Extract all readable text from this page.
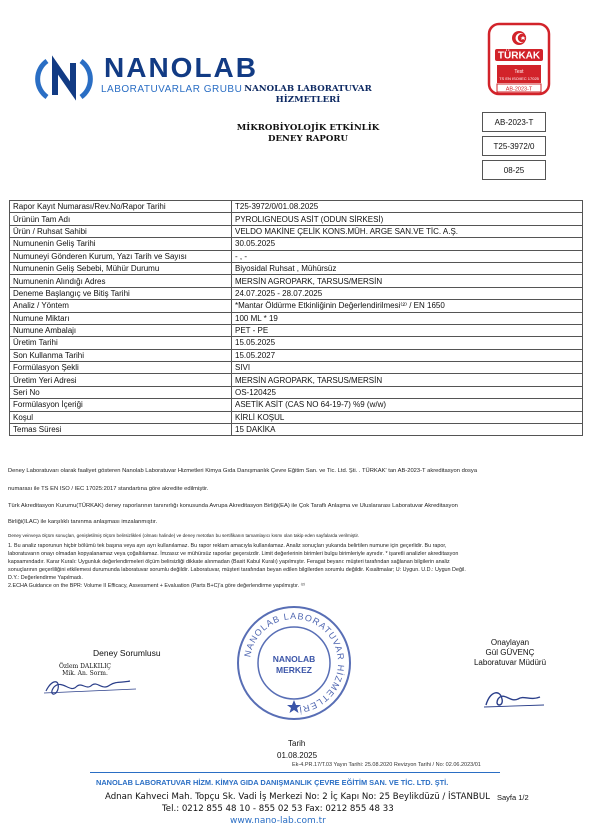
NANOLAB
LABORATUVARLAR GRUBU NANOLAB LABORATUVAR
HİZMETLERİ
MİKROBİYOLOJİK ETKİNLİK
DENEY RAPORU
TÜRKAK
Test
TS EN ISO/IEC 17025
AB-2023-T
AB-2023-T
T25-3972/0
08-25
Rapor Kayıt Numarası/Rev.No/Rapor Tarihi	T25-3972/0/01.08.2025
Ürünün Tam Adı	PYROLIGNEOUS ASİT (ODUN SİRKESİ)
Ürün / Ruhsat Sahibi	VELDO MAKİNE ÇELİK KONS.MÜH. ARGE SAN.VE TİC. A.Ş.
Numunenin Geliş Tarihi	30.05.2025
Numuneyi Gönderen Kurum, Yazı Tarih ve Sayısı	- , -
Numunenin Geliş Sebebi, Mühür Durumu	Biyosidal Ruhsat , Mühürsüz
Numunenin Alındığı Adres	MERSİN AGROPARK, TARSUS/MERSİN
Deneme Başlangıç ve Bitiş Tarihi	24.07.2025 - 28.07.2025
Analiz / Yöntem	*Mantar Öldürme Etkinliğinin Değerlendirilmesi⁽²⁾ / EN 1650
Numune Miktarı	100 ML * 19
Numune Ambalajı	PET - PE
Üretim Tarihi	15.05.2025
Son Kullanma Tarihi	15.05.2027
Formülasyon Şekli	SIVI
Üretim Yeri Adresi	MERSİN AGROPARK, TARSUS/MERSİN
Seri No	OS-120425
Formülasyon İçeriği	ASETİK ASİT (CAS NO 64-19-7) %9 (w/w)
Koşul	KİRLİ KOŞUL
Temas Süresi	15 DAKİKA
Deney Laboratuvarı olarak faaliyet gösteren Nanolab Laboratuvar Hizmetleri Kimya Gıda Danışmanlık Çevre Eğitim San. ve Tic. Ltd. Şti. . TÜRKAK' tan AB-2023-T akreditasyon dosya
numarası ile TS EN ISO / IEC 17025:2017 standartına göre akredite edilmiştir.
Türk Akreditasyon Kurumu(TÜRKAK) deney raporlarının tanınırlığı konusunda Avrupa Akreditasyon Birliği(EA) ile Çok Taraflı Anlaşma ve Uluslararası Laboratuvar Akreditasyon
Birliği(ILAC) ile karşılıklı tanınma anlaşması imzalanmıştır.
Deney veinveya ölçüm sonuçları, genişletilmiş ölçüm belirsizlikleri (olması halinde) ve deney metotları bu sertifikanın tamamlayıcı kısmı olan takip eden sayfalarda verilmiştir.
1. Bu analiz raporunun hiçbir bölümü tek başına veya ayrı ayrı kullanılamaz. Bu rapor reklam amacıyla kullanılamaz. Analiz sonuçları yukarıda belirtilen numune için geçerlidir. Bu rapor,
laboratuvarın onayı olmadan kopyalanamaz veya çoğaltılamaz. İmzasız ve mühürsüz raporlar geçersizdir. Limit değerlerinin birimleri bulgu birimleriyle aynıdır. * işaretli analizler akreditasyon
kapsamındadır. Karar Kuralı: Uygunluk değerlendirmeleri ölçüm belirsizliği dikkate alınmadan (Basit Kabul Kuralı) yapılmıştır. Feragat beyanı: müşteri tarafından sağlanan bilgilerin analiz
sonuçlarının geçerliliğini etkilemesi durumunda laboratuvar sorumlu değildir. Laboratuvar, müşteri tarafından beyan edilen bilgilerden sorumlu değildir. Kısaltmalar; U: Uygun. U.D.: Uygun Değil.
D.Y.: Değerlendirme Yapılmadı.
2.ECHA Guidance on the BPR: Volume II Efficacy, Assessment + Evaluation (Parts B+C)'a göre değerlendirme yapılmıştır. ⁽²⁾
Deney Sorumlusu
Özlem DALKILIÇ
Mik. An. Sorm.
NANOLAB LABORATUVAR HİZMETLERİ
NANOLAB
MERKEZ
Onaylayan
Gül GÜVENÇ
Laboratuvar Müdürü
Tarih
01.08.2025
Ek-4.PR.17/T.03 Yayın Tarihi: 25.08.2020 Revizyon Tarihi / No: 02.06.2023/01
NANOLAB LABORATUVAR HİZM. KİMYA GIDA DANIŞMANLIK ÇEVRE EĞİTİM SAN. VE TİC. LTD. ŞTİ.
Adnan Kahveci Mah. Topçu Sk. Vadi İş Merkezi No: 2 İç Kapı No: 25 Beylikdüzü / İSTANBUL
Tel.: 0212 855 48 10 - 855 02 53 Fax: 0212 855 48 33
www.nano-lab.com.tr
Sayfa 1/2
